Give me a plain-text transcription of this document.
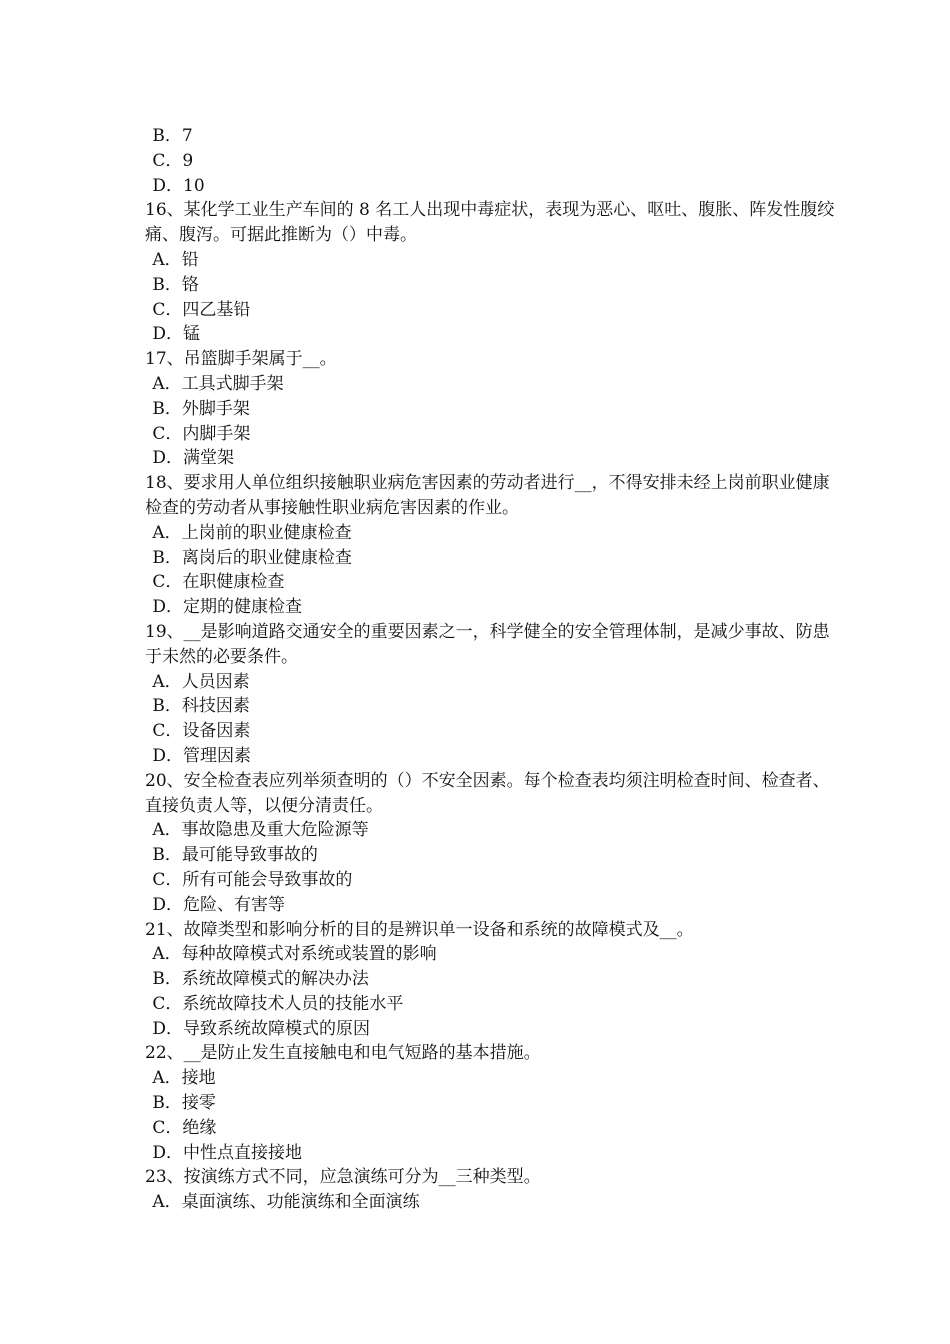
B．7
C．9
D．10
16、某化学工业生产车间的 8 名工人出现中毒症状，表现为恶心、呕吐、腹胀、阵发性腹绞痛、腹泻。可据此推断为（）中毒。
A．铅
B．铬
C．四乙基铅
D．锰
17、吊篮脚手架属于__。
A．工具式脚手架
B．外脚手架
C．内脚手架
D．满堂架
18、要求用人单位组织接触职业病危害因素的劳动者进行__，不得安排未经上岗前职业健康检查的劳动者从事接触性职业病危害因素的作业。
A．上岗前的职业健康检查
B．离岗后的职业健康检查
C．在职健康检查
D．定期的健康检查
19、__是影响道路交通安全的重要因素之一，科学健全的安全管理体制，是减少事故、防患于未然的必要条件。
A．人员因素
B．科技因素
C．设备因素
D．管理因素
20、安全检查表应列举须查明的（）不安全因素。每个检查表均须注明检查时间、检查者、直接负责人等，以便分清责任。
A．事故隐患及重大危险源等
B．最可能导致事故的
C．所有可能会导致事故的
D．危险、有害等
21、故障类型和影响分析的目的是辨识单一设备和系统的故障模式及__。
A．每种故障模式对系统或装置的影响
B．系统故障模式的解决办法
C．系统故障技术人员的技能水平
D．导致系统故障模式的原因
22、__是防止发生直接触电和电气短路的基本措施。
A．接地
B．接零
C．绝缘
D．中性点直接接地
23、按演练方式不同，应急演练可分为__三种类型。
A．桌面演练、功能演练和全面演练
